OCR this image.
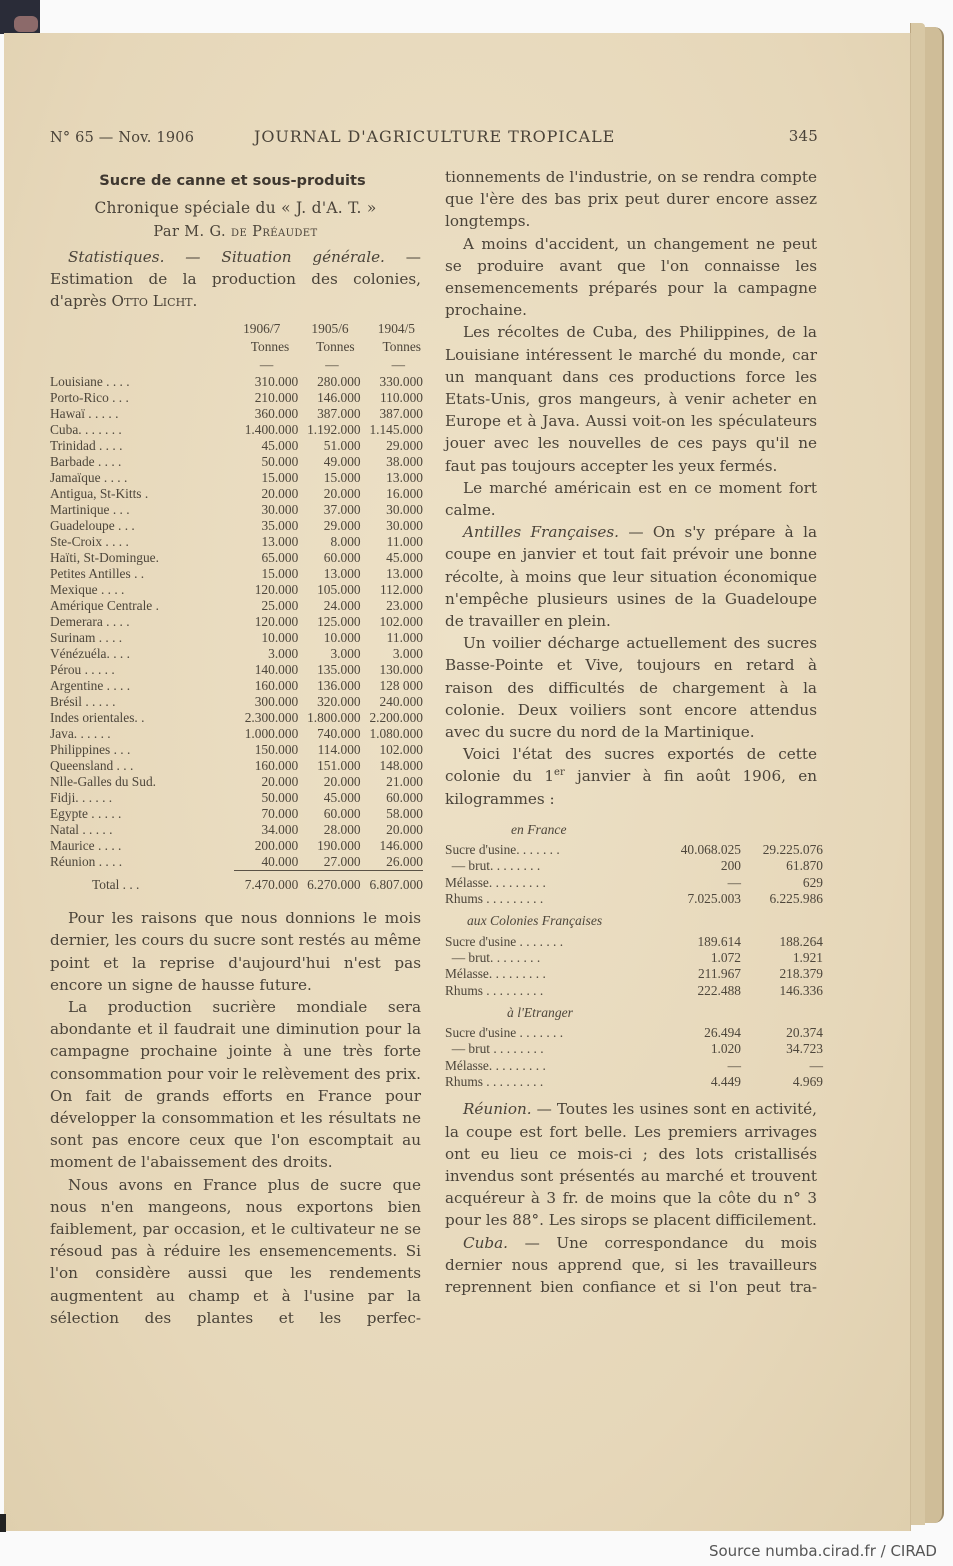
N° 65 — Nov. 1906	JOURNAL D'AGRICULTURE TROPICALE	345
Sucre de canne et sous-produits
Chronique spéciale du « J. d'A. T. »
Par M. G. de Préaudet

Statistiques. — Situation générale. — Estimation de la production des colonies, d'après Otto Licht.

	1906/7	1905/6	1904/5
	Tonnes	Tonnes	Tonnes
	—	—	—
Louisiane . . . .	310.000	280.000	330.000
Porto-Rico . . .	210.000	146.000	110.000
Hawaï . . . . .	360.000	387.000	387.000
Cuba. . . . . . .	1.400.000	1.192.000	1.145.000
Trinidad . . . .	45.000	51.000	29.000
Barbade . . . .	50.000	49.000	38.000
Jamaïque . . . .	15.000	15.000	13.000
Antigua, St-Kitts .	20.000	20.000	16.000
Martinique . . .	30.000	37.000	30.000
Guadeloupe . . .	35.000	29.000	30.000
Ste-Croix . . . .	13.000	8.000	11.000
Haïti, St-Domingue.	65.000	60.000	45.000
Petites Antilles . .	15.000	13.000	13.000
Mexique . . . .	120.000	105.000	112.000
Amérique Centrale .	25.000	24.000	23.000
Demerara . . . .	120.000	125.000	102.000
Surinam . . . .	10.000	10.000	11.000
Vénézuéla. . . .	3.000	3.000	3.000
Pérou . . . . .	140.000	135.000	130.000
Argentine . . . .	160.000	136.000	128 000
Brésil . . . . .	300.000	320.000	240.000
Indes orientales. .	2.300.000	1.800.000	2.200.000
Java. . . . . .	1.000.000	740.000	1.080.000
Philippines . . .	150.000	114.000	102.000
Queensland . . .	160.000	151.000	148.000
Nlle-Galles du Sud.	20.000	20.000	21.000
Fidji. . . . . .	50.000	45.000	60.000
Egypte . . . . .	70.000	60.000	58.000
Natal . . . . .	34.000	28.000	20.000
Maurice . . . .	200.000	190.000	146.000
Réunion . . . .	40.000	27.000	26.000
Total . . .	7.470.000	6.270.000	6.807.000

Pour les raisons que nous donnions le mois dernier, les cours du sucre sont restés au même point et la reprise d'aujourd'hui n'est pas encore un signe de hausse future.

La production sucrière mondiale sera abondante et il faudrait une diminution pour la campagne prochaine jointe à une très forte consommation pour voir le relèvement des prix. On fait de grands efforts en France pour développer la consommation et les résultats ne sont pas encore ceux que l'on escomptait au moment de l'abaissement des droits.

Nous avons en France plus de sucre que nous n'en mangeons, nous exportons bien faiblement, par occasion, et le cultivateur ne se résoud pas à réduire les ensemencements. Si l'on considère aussi que les rendements augmentent au champ et à l'usine par la sélection des plantes et les perfec-

tionnements de l'industrie, on se rendra compte que l'ère des bas prix peut durer encore assez longtemps.

A moins d'accident, un changement ne peut se produire avant que l'on connaisse les ensemencements préparés pour la campagne prochaine.

Les récoltes de Cuba, des Philippines, de la Louisiane intéressent le marché du monde, car un manquant dans ces productions force les Etats-Unis, gros mangeurs, à venir acheter en Europe et à Java. Aussi voit-on les spéculateurs jouer avec les nouvelles de ces pays qu'il ne faut pas toujours accepter les yeux fermés.

Le marché américain est en ce moment fort calme.

Antilles Françaises. — On s'y prépare à la coupe en janvier et tout fait prévoir une bonne récolte, à moins que leur situation économique n'empêche plusieurs usines de la Guadeloupe de travailler en plein.

Un voilier décharge actuellement des sucres Basse-Pointe et Vive, toujours en retard à raison des difficultés de chargement à la colonie. Deux voiliers sont encore attendus avec du sucre du nord de la Martinique.

Voici l'état des sucres exportés de cette colonie du 1er janvier à fin août 1906, en kilogrammes :

en France		
Sucre d'usine. . . . . . .	40.068.025	29.225.076
— brut. . . . . . . .	200	61.870
Mélasse. . . . . . . . .	—	629
Rhums . . . . . . . . .	7.025.003	6.225.986
aux Colonies Françaises		
Sucre d'usine . . . . . . .	189.614	188.264
— brut. . . . . . . .	1.072	1.921
Mélasse. . . . . . . . .	211.967	218.379
Rhums . . . . . . . . .	222.488	146.336
à l'Etranger		
Sucre d'usine . . . . . . .	26.494	20.374
— brut . . . . . . . .	1.020	34.723
Mélasse. . . . . . . . .	—	—
Rhums . . . . . . . . .	4.449	4.969

Réunion. — Toutes les usines sont en activité, la coupe est fort belle. Les premiers arrivages ont eu lieu ce mois-ci ; des lots cristallisés invendus sont présentés au marché et trouvent acquéreur à 3 fr. de moins que la côte du n° 3 pour les 88°. Les sirops se placent difficilement.

Cuba. — Une correspondance du mois dernier nous apprend que, si les travailleurs reprennent bien confiance et si l'on peut tra-

Source numba.cirad.fr / CIRAD
